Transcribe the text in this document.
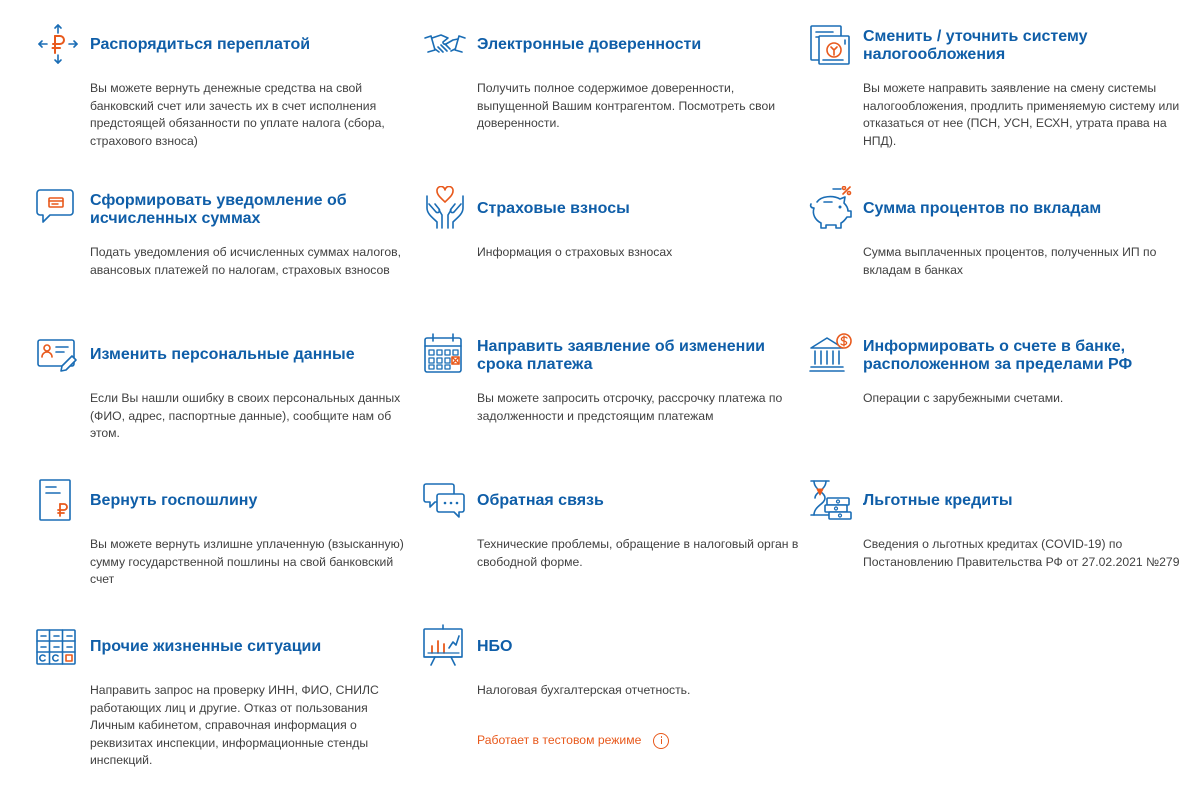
Распорядиться переплатой

Вы можете вернуть денежные средства на свой банковский счет или зачесть их в счет исполнения предстоящей обязанности по уплате налога (сбора, страхового взноса)

Электронные доверенности

Получить полное содержимое доверенности, выпущенной Вашим контрагентом. Посмотреть свои доверенности.

Сменить / уточнить систему налогообложения

Вы можете направить заявление на смену системы налогообложения, продлить применяемую систему или отказаться от нее (ПСН, УСН, ЕСХН, утрата права на НПД).

Сформировать уведомление об исчисленных суммах

Подать уведомления об исчисленных суммах налогов, авансовых платежей по налогам, страховых взносов

Страховые взносы

Информация о страховых взносах

Сумма процентов по вкладам

Сумма выплаченных процентов, полученных ИП по вкладам в банках

Изменить персональные данные

Если Вы нашли ошибку в своих персональных данных (ФИО, адрес, паспортные данные), сообщите нам об этом.

Направить заявление об изменении срока платежа

Вы можете запросить отсрочку, рассрочку платежа по задолженности и предстоящим платежам

Информировать о счете в банке, расположенном за пределами РФ

Операции с зарубежными счетами.

Вернуть госпошлину

Вы можете вернуть излишне уплаченную (взысканную) сумму государственной пошлины на свой банковский счет

Обратная связь

Технические проблемы, обращение в налоговый орган в свободной форме.

Льготные кредиты

Сведения о льготных кредитах (COVID-19) по Постановлению Правительства РФ от 27.02.2021 №279

Прочие жизненные ситуации

Направить запрос на проверку ИНН, ФИО, СНИЛС работающих лиц и другие. Отказ от пользования Личным кабинетом, справочная информация о реквизитах инспекции, информационные стенды инспекций.

НБО

Налоговая бухгалтерская отчетность.

Работает в тестовом режиме
